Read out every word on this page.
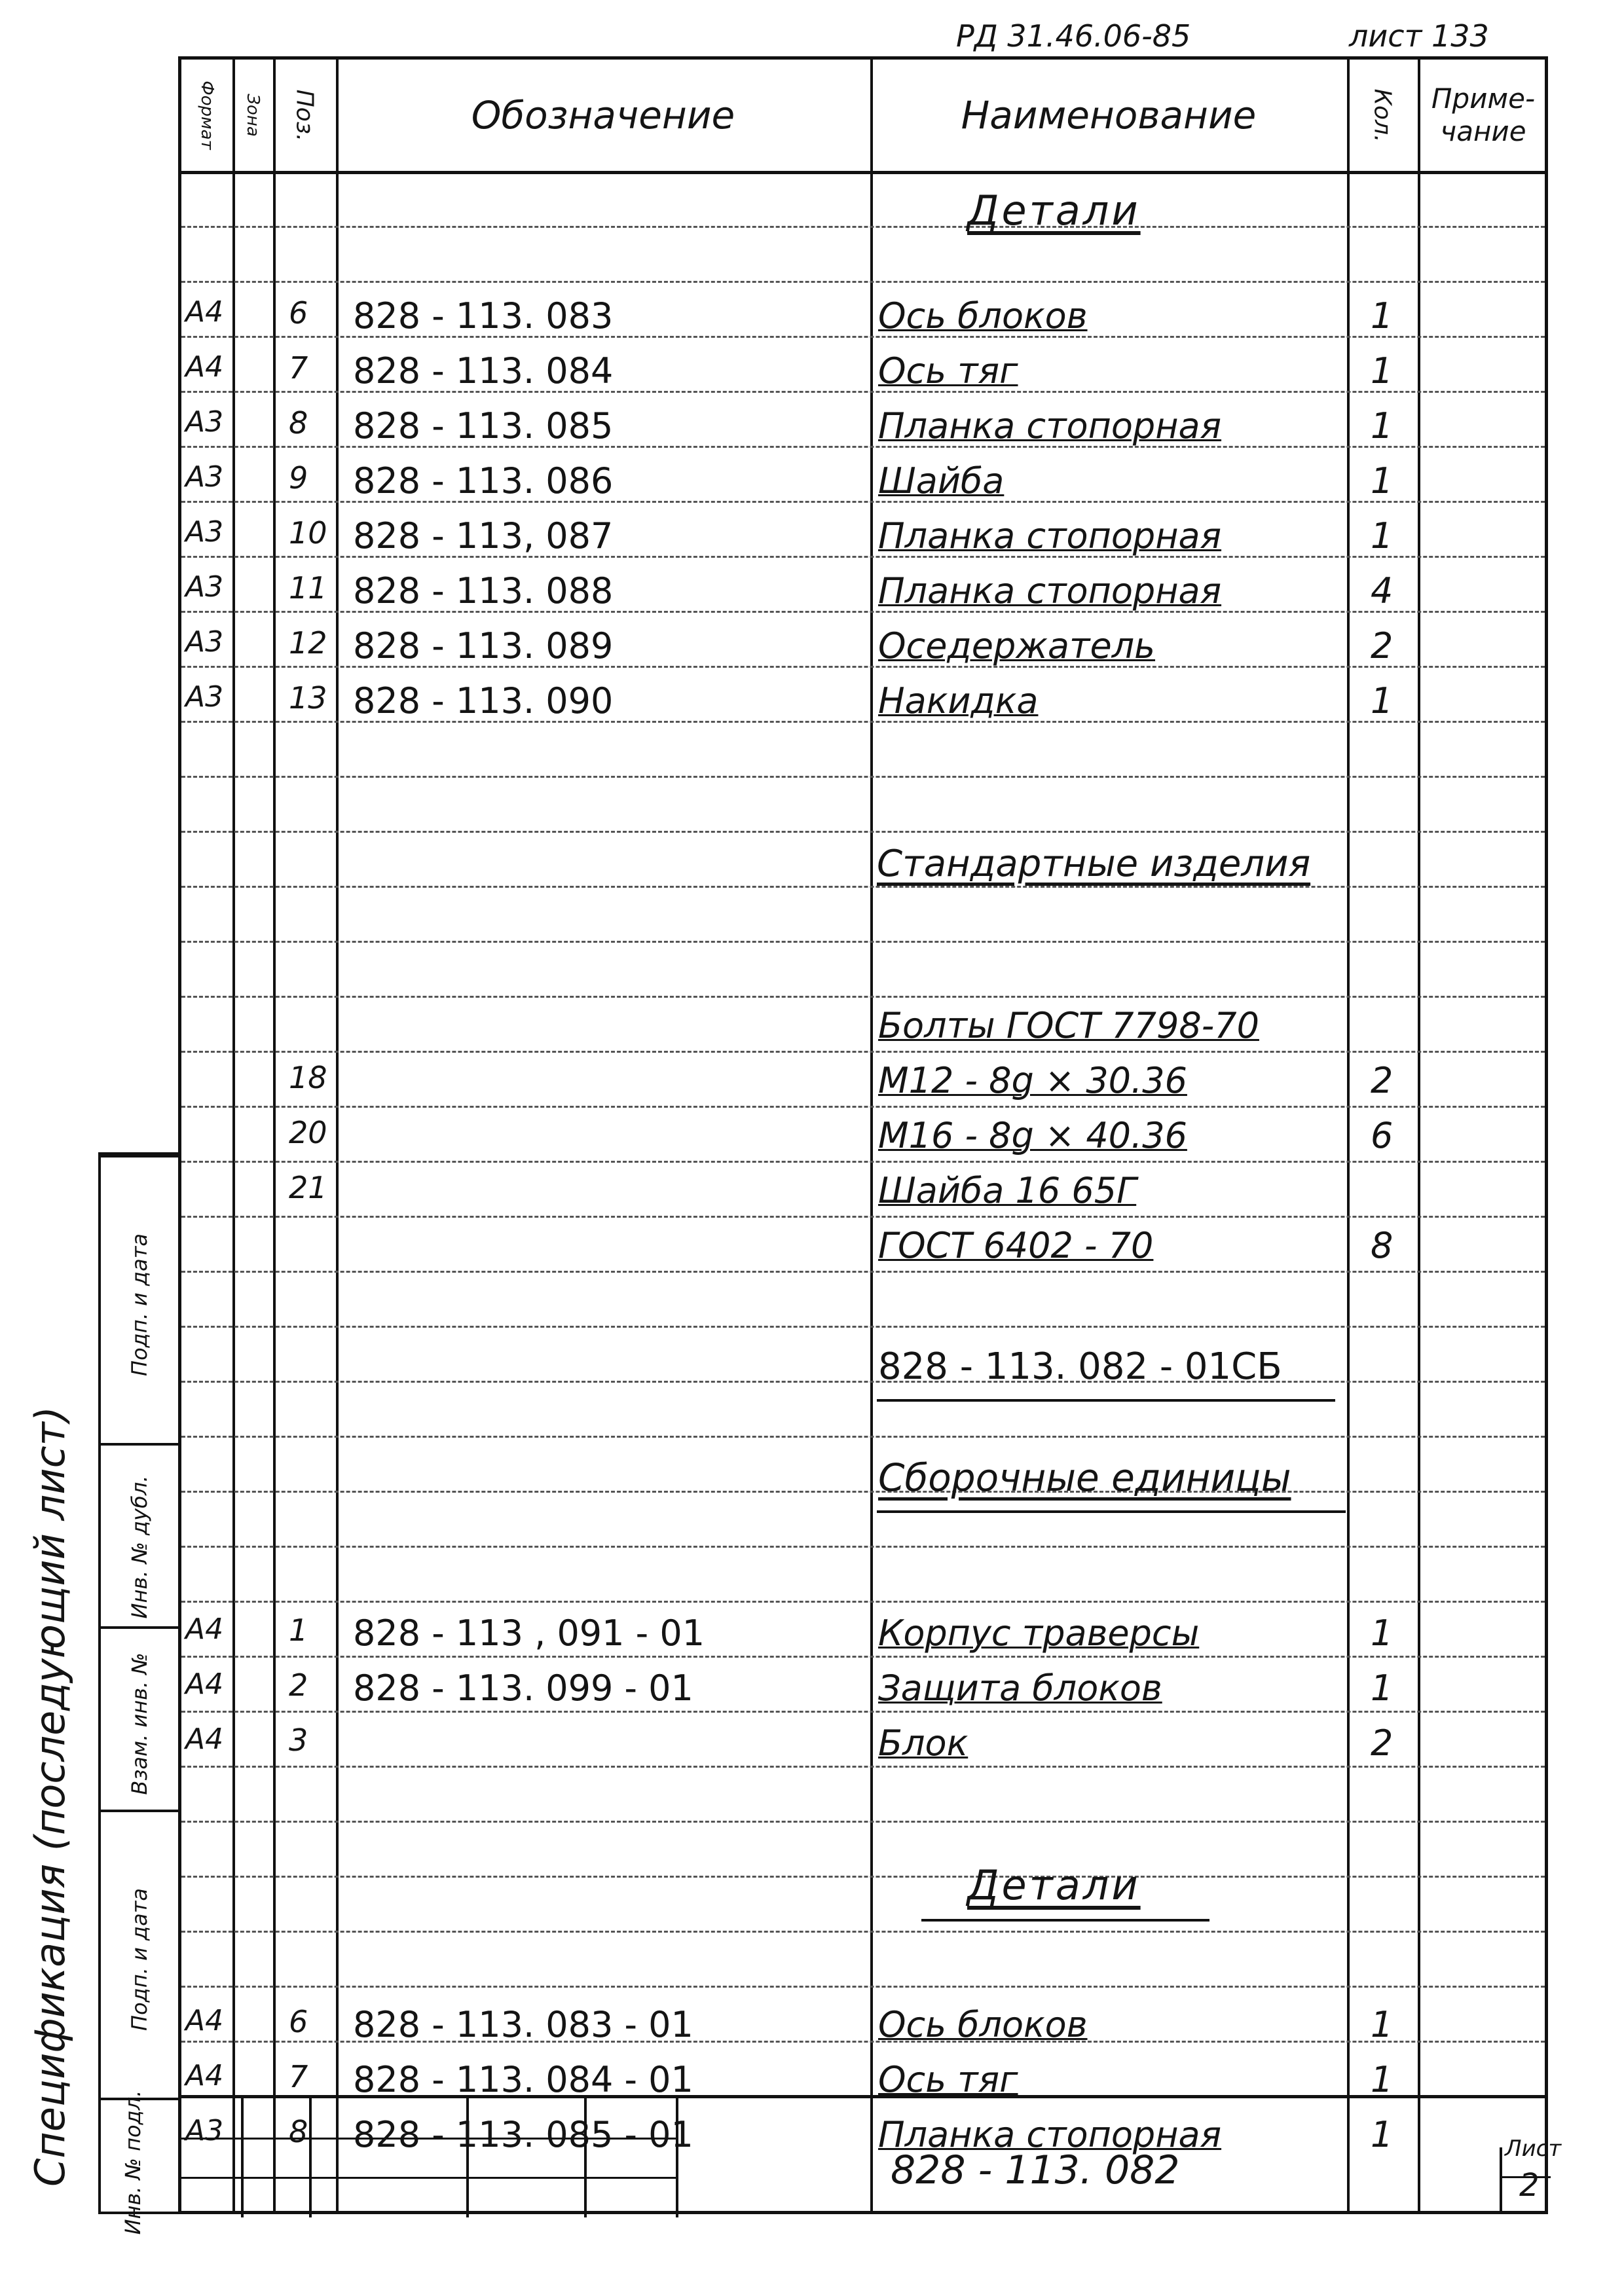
РД 31.46.06-85	лист 133
Формат Зона Поз.	Обозначение	Наименование	Кол.	Приме-
чание
Детали
А4 6 828 - 113. 083	Ось блоков	1
А4 7 828 - 113. 084	Ось тяг	1
А3 8 828 - 113. 085	Планка стопорная	1
А3 9 828 - 113. 086	Шайба	1
А3 10 828 - 113, 087	Планка стопорная	1
А3 11 828 - 113. 088	Планка стопорная	4
А3 12 828 - 113. 089	Оседержатель	2
А3 13 828 - 113. 090	Накидка	1
Стандартные изделия
Болты ГОСТ 7798-70
18	М12 - 8g × 30.36	2
20	М16 - 8g × 40.36	6
21	Шайба 16 65Г
ГОСТ 6402 - 70	8
828 - 113. 082 - 01СБ
Сборочные единицы
А4 1 828 - 113 , 091 - 01	Корпус траверсы	1
А4 2 828 - 113. 099 - 01	Защита блоков	1
А4 3	Блок	2
Детали
А4 6 828 - 113. 083 - 01	Ось блоков	1
А4 7 828 - 113. 084 - 01	Ось тяг	1
А3 8 828 - 113. 085 - 01	Планка стопорная	1
Инв. № подл.
Подп. и дата
Взам. инв. №
Инв. № дубл.
Подп. и дата
Спецификация (последующий лист)	828 - 113. 082	Лист
2
